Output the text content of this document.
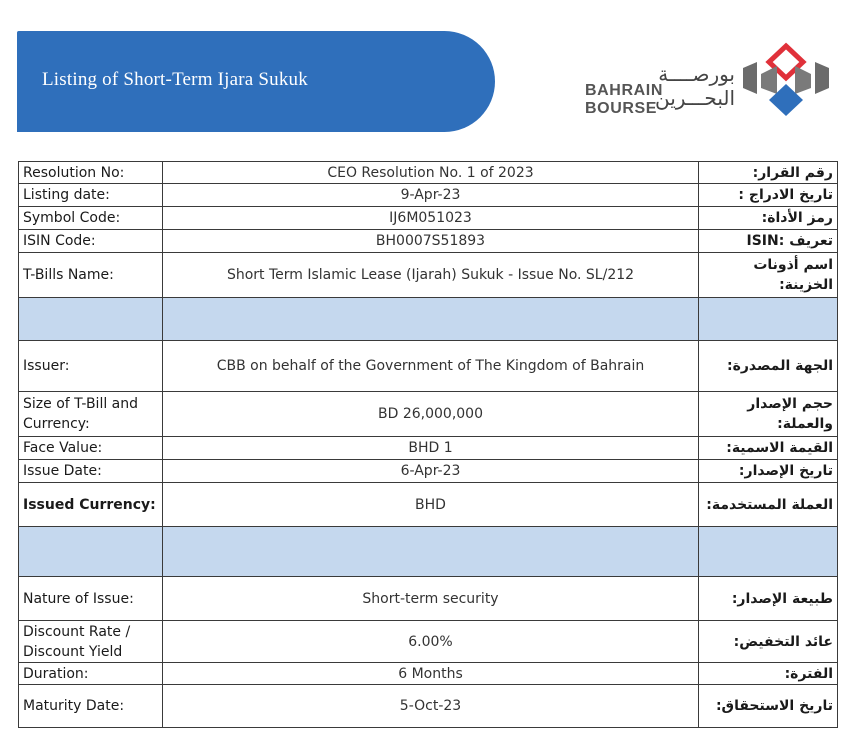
Listing of Short-Term Ijara Sukuk	بورصــــة البحـــرين
BAHRAIN BOURSE
Resolution No:	CEO Resolution No. 1 of 2023	رقم القرار:
Listing date:	9-Apr-23	تاريخ الادراج :
Symbol Code:	IJ6M051023	رمز الأداة:
ISIN Code:	BH0007S51893	تعريف :ISIN
T-Bills Name:	Short Term Islamic Lease (Ijarah) Sukuk - Issue No. SL/212	اسم أذونات الخزينة:

Issuer:	CBB on behalf of the Government of The Kingdom of Bahrain	الجهة المصدرة:
Size of T-Bill and Currency:	BD 26,000,000	حجم الإصدار والعملة:
Face Value:	BHD 1	القيمة الاسمية:
Issue Date:	6-Apr-23	تاريخ الإصدار:
Issued Currency:	BHD	العملة المستخدمة:

Nature of Issue:	Short-term security	طبيعة الإصدار:
Discount Rate / Discount Yield	6.00%	عائد التخفيض:
Duration:	6 Months	الفترة:
Maturity Date:	5-Oct-23	تاريخ الاستحقاق:
